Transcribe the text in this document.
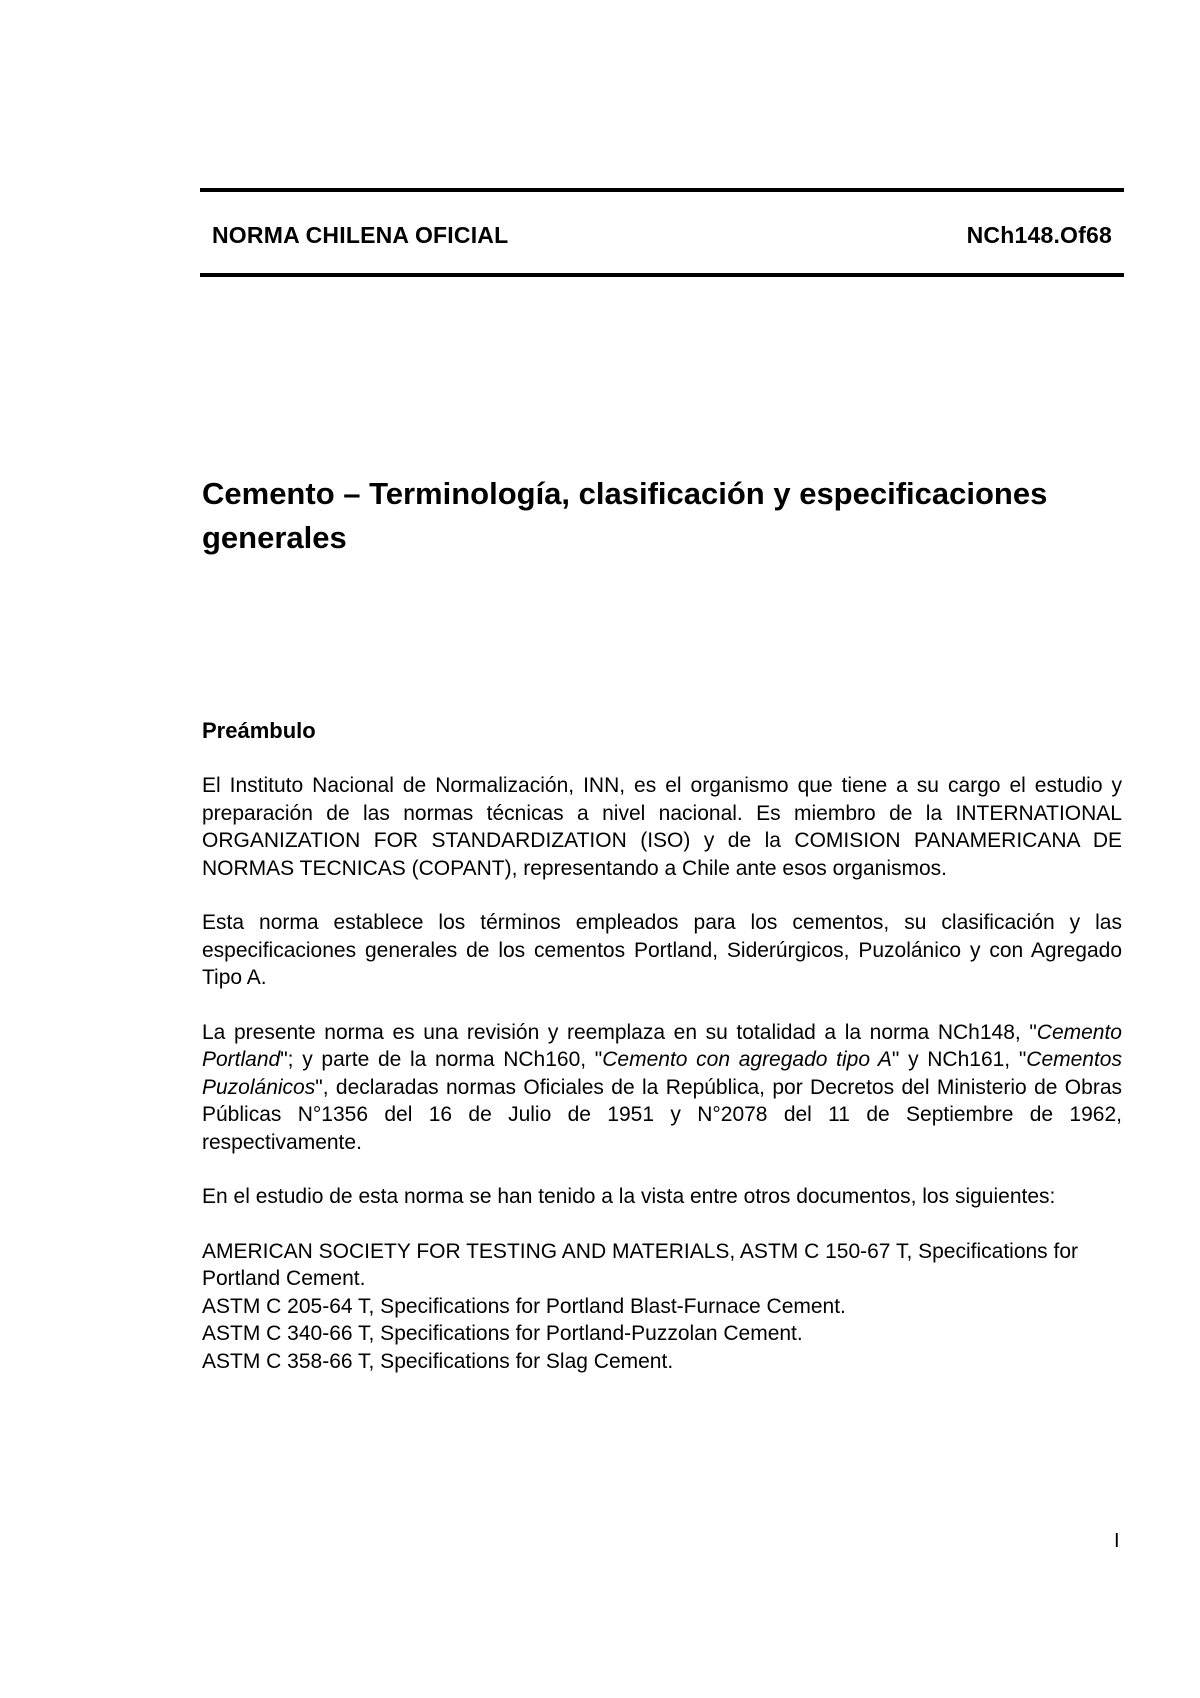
NORMA CHILENA OFICIAL	NCh148.Of68
Cemento – Terminología, clasificación y especificaciones generales
Preámbulo

El Instituto Nacional de Normalización, INN, es el organismo que tiene a su cargo el estudio y preparación de las normas técnicas a nivel nacional. Es miembro de la INTERNATIONAL ORGANIZATION FOR STANDARDIZATION (ISO) y de la COMISION PANAMERICANA DE NORMAS TECNICAS (COPANT), representando a Chile ante esos organismos.

Esta norma establece los términos empleados para los cementos, su clasificación y las especificaciones generales de los cementos Portland, Siderúrgicos, Puzolánico y con Agregado Tipo A.

La presente norma es una revisión y reemplaza en su totalidad a la norma NCh148, "Cemento Portland"; y parte de la norma NCh160, "Cemento con agregado tipo A" y NCh161, "Cementos Puzolánicos", declaradas normas Oficiales de la República, por Decretos del Ministerio de Obras Públicas N°1356 del 16 de Julio de 1951 y N°2078 del 11 de Septiembre de 1962, respectivamente.

En el estudio de esta norma se han tenido a la vista entre otros documentos, los siguientes:

AMERICAN SOCIETY FOR TESTING AND MATERIALS, ASTM C 150-67 T, Specifications for Portland Cement.
ASTM C 205-64 T, Specifications for Portland Blast-Furnace Cement.
ASTM C 340-66 T, Specifications for Portland-Puzzolan Cement.
ASTM C 358-66 T, Specifications for Slag Cement.

I
